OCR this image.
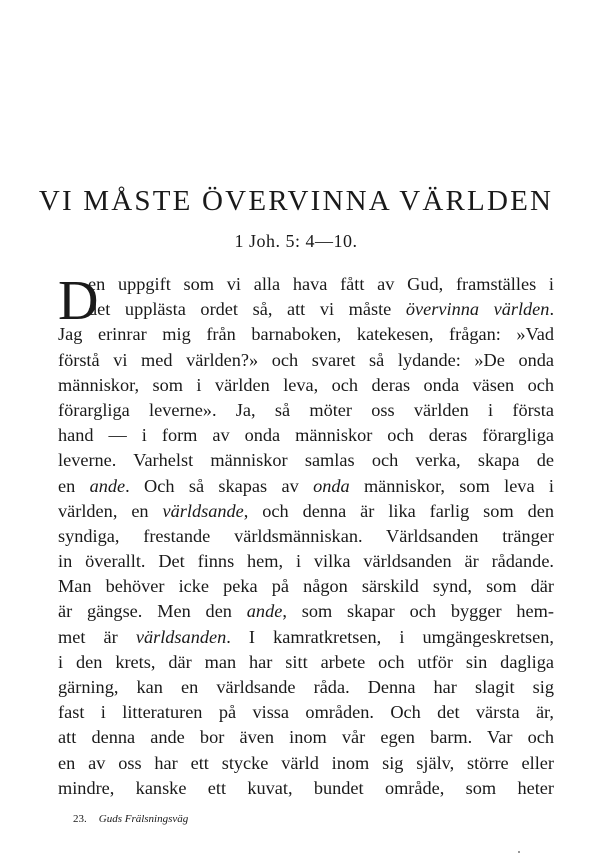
VI MÅSTE ÖVERVINNA VÄRLDEN
1 Joh. 5: 4—10.
D
en uppgift som vi alla hava fått av Gud, framställes i
det upplästa ordet så, att vi måste övervinna världen.
Jag erinrar mig från barnaboken, katekesen, frågan: »Vad
förstå vi med världen?» och svaret så lydande: »De onda
människor, som i världen leva, och deras onda väsen och
förargliga leverne». Ja, så möter oss världen i första
hand — i form av onda människor och deras förargliga
leverne. Varhelst människor samlas och verka, skapa de
en ande. Och så skapas av onda människor, som leva i
världen, en världsande, och denna är lika farlig som den
syndiga, frestande världsmänniskan. Världsanden tränger
in överallt. Det finns hem, i vilka världsanden är rådande.
Man behöver icke peka på någon särskild synd, som där
är gängse. Men den ande, som skapar och bygger hem-
met är världsanden. I kamratkretsen, i umgängeskretsen,
i den krets, där man har sitt arbete och utför sin dagliga
gärning, kan en världsande råda. Denna har slagit sig
fast i litteraturen på vissa områden. Och det värsta är,
att denna ande bor även inom vår egen barm. Var och
en av oss har ett stycke värld inom sig själv, större eller
mindre, kanske ett kuvat, bundet område, som heter
23. Guds Frälsningsväg
